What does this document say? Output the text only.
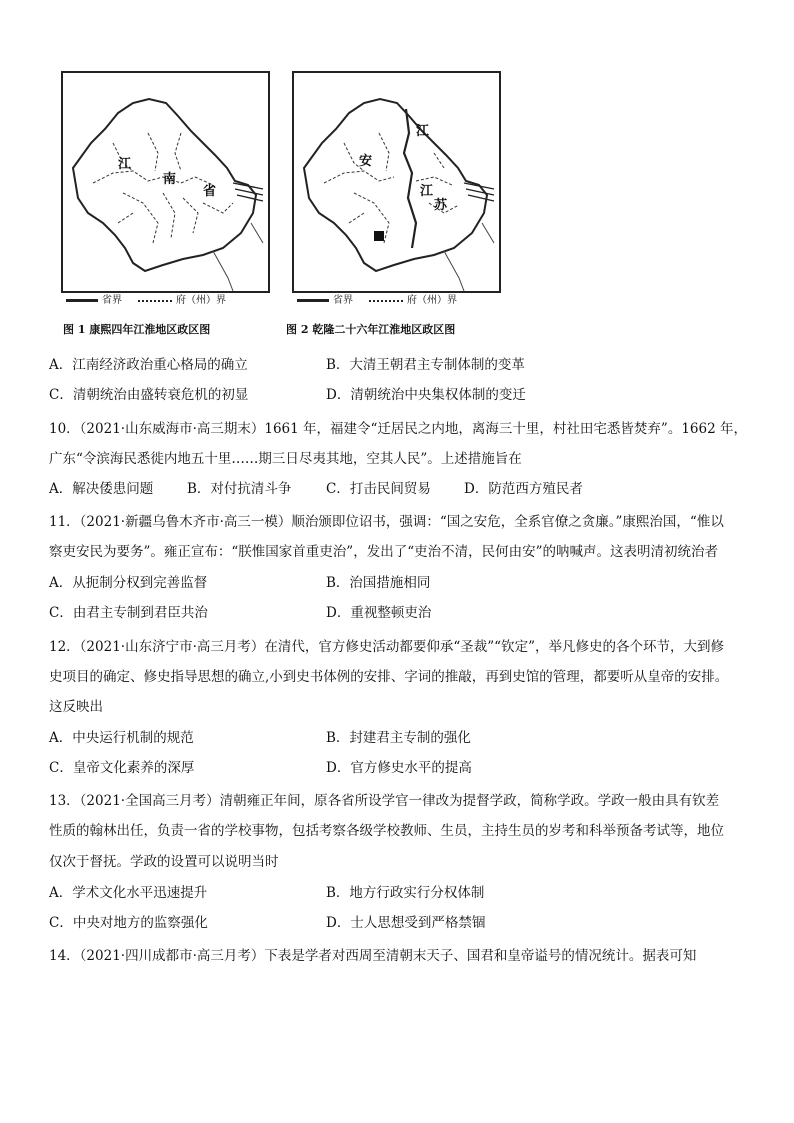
江
南
省
江
安
江
苏
省界	府（州）界	省界	府（州）界
图 1 康熙四年江淮地区政区图	图 2 乾隆二十六年江淮地区政区图
A．江南经济政治重心格局的确立	B．大清王朝君主专制体制的变革
C．清朝统治由盛转衰危机的初显	D．清朝统治中央集权体制的变迁
10．（2021·山东威海市·高三期末）1661 年，福建令“迁居民之内地，离海三十里，村社田宅悉皆焚弃”。1662 年，
广东“令滨海民悉徙内地五十里……期三日尽夷其地，空其人民”。上述措施旨在
A．解决倭患问题	B．对付抗清斗争	C．打击民间贸易 D．防范西方殖民者
11．（2021·新疆乌鲁木齐市·高三一模）顺治颁即位诏书，强调：“国之安危，全系官僚之贪廉。”康熙治国，“惟以
察吏安民为要务”。雍正宣布：“朕惟国家首重吏治”，发出了“吏治不清，民何由安”的呐喊声。这表明清初统治者
A．从扼制分权到完善监督	B．治国措施相同
C．由君主专制到君臣共治	D．重视整顿吏治
12．（2021·山东济宁市·高三月考）在清代，官方修史活动都要仰承“圣裁”“钦定”，举凡修史的各个环节，大到修
史项目的确定、修史指导思想的确立,小到史书体例的安排、字词的推敲，再到史馆的管理，都要听从皇帝的安排。
这反映出
A．中央运行机制的规范	B．封建君主专制的强化
C．皇帝文化素养的深厚	D．官方修史水平的提高
13．（2021·全国高三月考）清朝雍正年间，原各省所设学官一律改为提督学政，简称学政。学政一般由具有钦差
性质的翰林出任，负责一省的学校事物，包括考察各级学校教师、生员，主持生员的岁考和科举预备考试等，地位
仅次于督抚。学政的设置可以说明当时
A．学术文化水平迅速提升	B．地方行政实行分权体制
C．中央对地方的监察强化	D．士人思想受到严格禁锢
14．（2021·四川成都市·高三月考）下表是学者对西周至清朝末天子、国君和皇帝谥号的情况统计。据表可知
